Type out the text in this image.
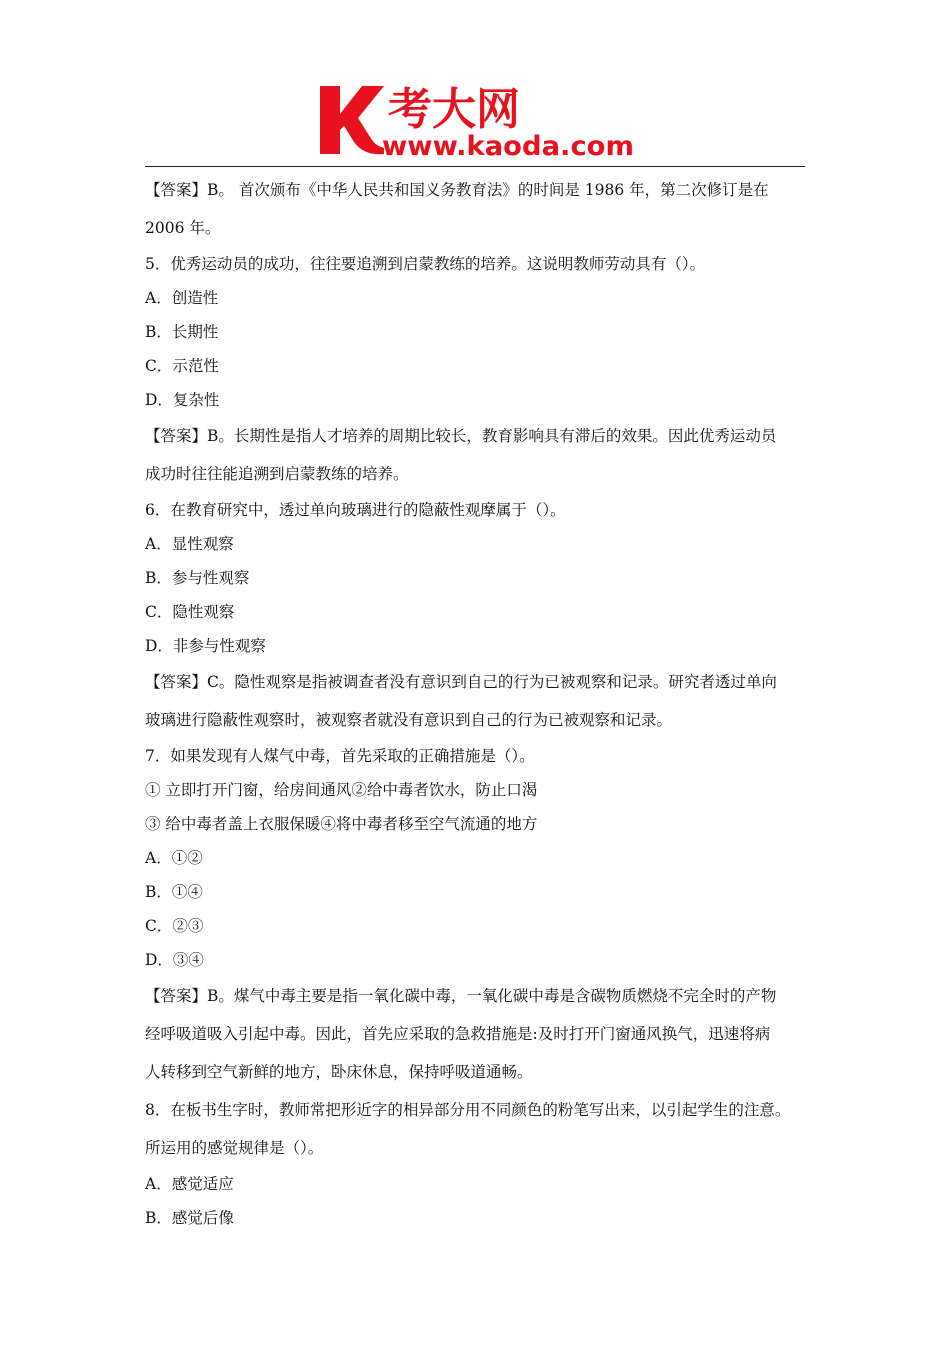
考大网
www.kaoda.com
【答案】B。 首次颁布《中华人民共和国义务教育法》的时间是 1986 年，第二次修订是在
2006 年。
5．优秀运动员的成功，往往要追溯到启蒙教练的培养。这说明教师劳动具有（）。
A．创造性
B．长期性
C．示范性
D．复杂性
【答案】B。长期性是指人才培养的周期比较长，教育影响具有滞后的效果。因此优秀运动员
成功时往往能追溯到启蒙教练的培养。
6．在教育研究中，透过单向玻璃进行的隐蔽性观摩属于（）。
A．显性观察
B．参与性观察
C．隐性观察
D．非参与性观察
【答案】C。隐性观察是指被调查者没有意识到自己的行为已被观察和记录。研究者透过单向
玻璃进行隐蔽性观察时，被观察者就没有意识到自己的行为已被观察和记录。
7．如果发现有人煤气中毒，首先采取的正确措施是（）。
① 立即打开门窗，给房间通风②给中毒者饮水，防止口渴
③ 给中毒者盖上衣服保暖④将中毒者移至空气流通的地方
A．①②
B．①④
C．②③
D．③④
【答案】B。煤气中毒主要是指一氧化碳中毒，一氧化碳中毒是含碳物质燃烧不完全时的产物
经呼吸道吸入引起中毒。因此，首先应采取的急救措施是:及时打开门窗通风换气，迅速将病
人转移到空气新鲜的地方，卧床休息，保持呼吸道通畅。
8．在板书生字时，教师常把形近字的相异部分用不同颜色的粉笔写出来，以引起学生的注意。
所运用的感觉规律是（）。
A．感觉适应
B．感觉后像
